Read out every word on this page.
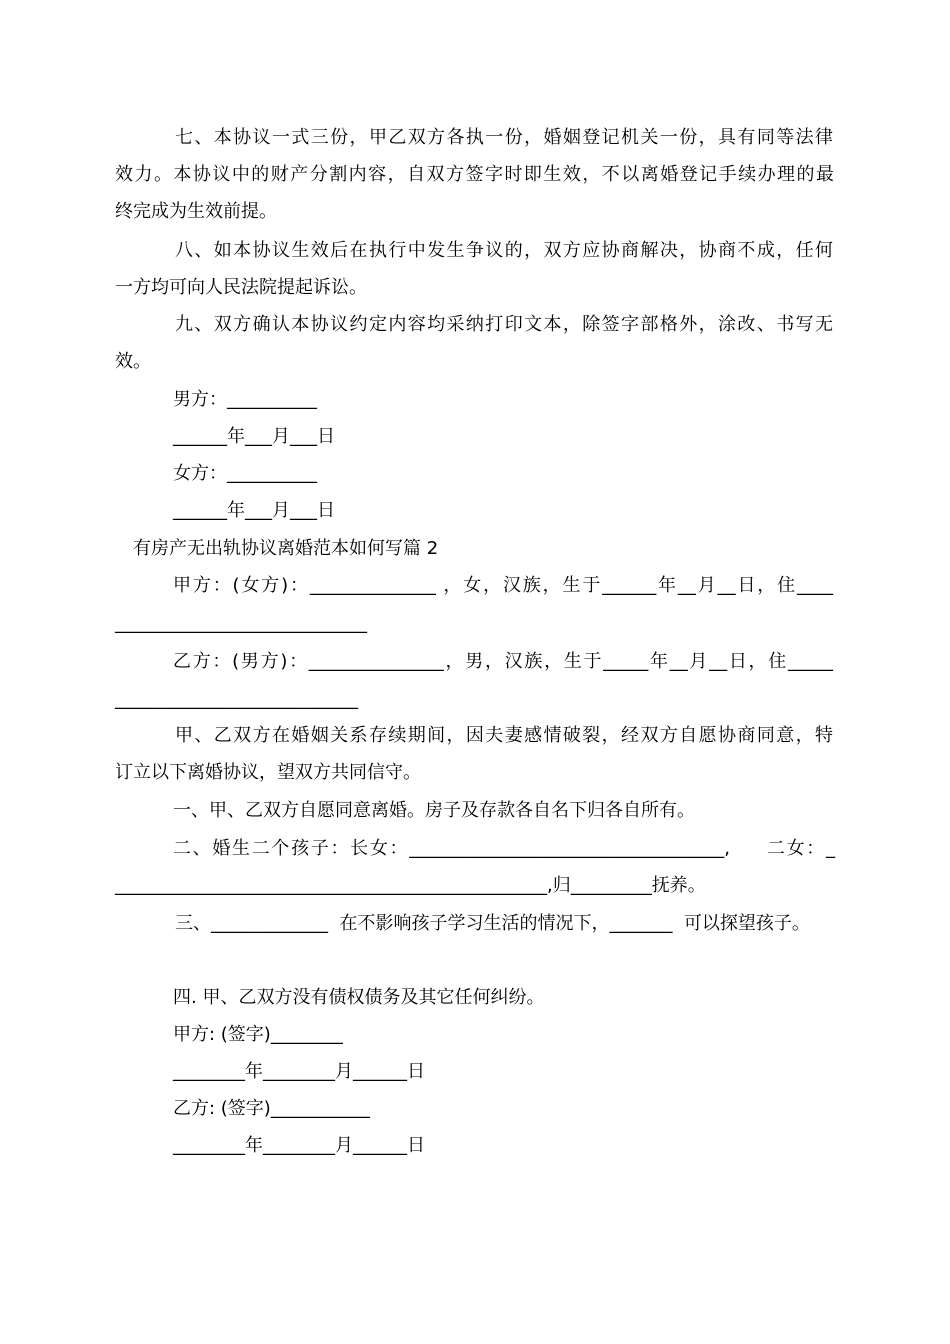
七、本协议一式三份，甲乙双方各执一份，婚姻登记机关一份，具有同等法律

效力。本协议中的财产分割内容，自双方签字时即生效，不以离婚登记手续办理的最

终完成为生效前提。

八、如本协议生效后在执行中发生争议的，双方应协商解决，协商不成，任何

一方均可向人民法院提起诉讼。

九、双方确认本协议约定内容均采纳打印文本，除签字部格外，涂改、书写无

效。

男方：__________

______年___月___日

女方：__________

______年___月___日

有房产无出轨协议离婚范本如何写篇 2

甲方：(女方)：______________ ，女，汉族，生于______年__月__日，住____

____________________________

乙方：(男方)：_______________，男，汉族，生于_____年__月__日，住_____

___________________________

甲、乙双方在婚姻关系存续期间，因夫妻感情破裂，经双方自愿协商同意，特

订立以下离婚协议，望双方共同信守。

一、甲、乙双方自愿同意离婚。房子及存款各自名下归各自所有。

二、婚生二个孩子：长女：___________________________________,     二女：_

________________________________________________,归_________抚养。

三、_____________  在不影响孩子学习生活的情况下，_______  可以探望孩子。

四. 甲、乙双方没有债权债务及其它任何纠纷。

甲方: (签字)________

________年________月______日

乙方: (签字)___________

________年________月______日
